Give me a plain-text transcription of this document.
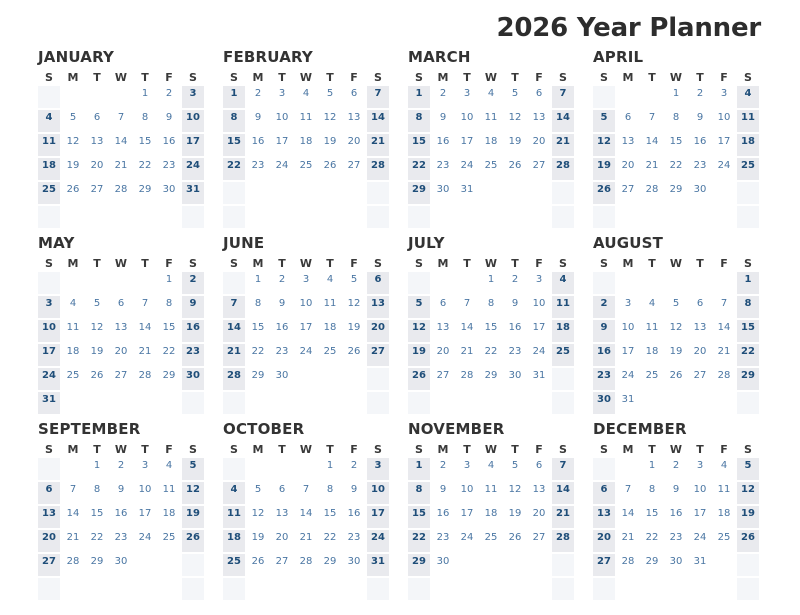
2026 Year Planner
JANUARY
S	M	T	W	T	F	S
				1	2	3
4	5	6	7	8	9	10
11	12	13	14	15	16	17
18	19	20	21	22	23	24
25	26	27	28	29	30	31

FEBRUARY
S	M	T	W	T	F	S
1	2	3	4	5	6	7
8	9	10	11	12	13	14
15	16	17	18	19	20	21
22	23	24	25	26	27	28

MARCH
S	M	T	W	T	F	S
1	2	3	4	5	6	7
8	9	10	11	12	13	14
15	16	17	18	19	20	21
22	23	24	25	26	27	28
29	30	31				

APRIL
S	M	T	W	T	F	S
			1	2	3	4
5	6	7	8	9	10	11
12	13	14	15	16	17	18
19	20	21	22	23	24	25
26	27	28	29	30		

MAY
S	M	T	W	T	F	S
					1	2
3	4	5	6	7	8	9
10	11	12	13	14	15	16
17	18	19	20	21	22	23
24	25	26	27	28	29	30
31						
JUNE
S	M	T	W	T	F	S
	1	2	3	4	5	6
7	8	9	10	11	12	13
14	15	16	17	18	19	20
21	22	23	24	25	26	27
28	29	30				

JULY
S	M	T	W	T	F	S
			1	2	3	4
5	6	7	8	9	10	11
12	13	14	15	16	17	18
19	20	21	22	23	24	25
26	27	28	29	30	31	

AUGUST
S	M	T	W	T	F	S
						1
2	3	4	5	6	7	8
9	10	11	12	13	14	15
16	17	18	19	20	21	22
23	24	25	26	27	28	29
30	31					
SEPTEMBER
S	M	T	W	T	F	S
		1	2	3	4	5
6	7	8	9	10	11	12
13	14	15	16	17	18	19
20	21	22	23	24	25	26
27	28	29	30			

OCTOBER
S	M	T	W	T	F	S
				1	2	3
4	5	6	7	8	9	10
11	12	13	14	15	16	17
18	19	20	21	22	23	24
25	26	27	28	29	30	31

NOVEMBER
S	M	T	W	T	F	S
1	2	3	4	5	6	7
8	9	10	11	12	13	14
15	16	17	18	19	20	21
22	23	24	25	26	27	28
29	30					

DECEMBER
S	M	T	W	T	F	S
		1	2	3	4	5
6	7	8	9	10	11	12
13	14	15	16	17	18	19
20	21	22	23	24	25	26
27	28	29	30	31		
